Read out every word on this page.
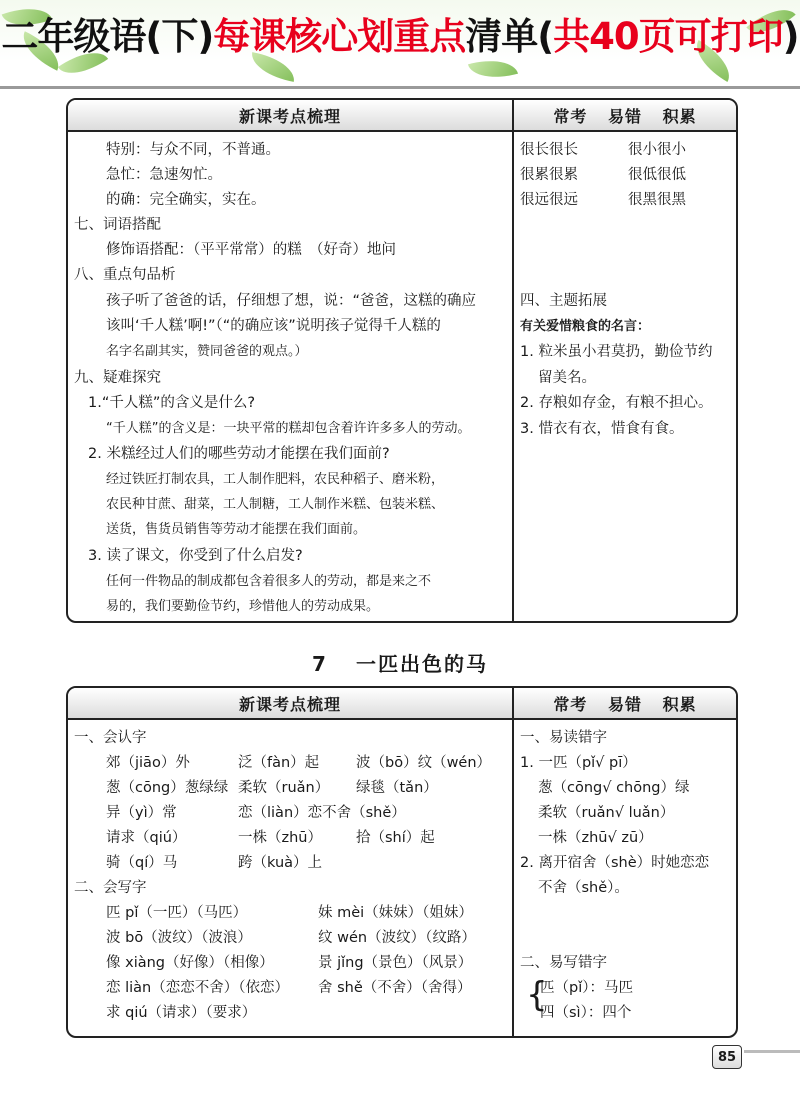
二年级语(下)每课核心划重点清单(共40页可打印)
新课考点梳理	常考 易错 积累
特别：与众不同，不普通。
急忙：急速匆忙。
的确：完全确实，实在。
七、词语搭配
修饰语搭配：（平平常常）的糕　（好奇）地问
八、重点句品析
孩子听了爸爸的话，仔细想了想，说：“爸爸，这糕的确应
该叫‘千人糕’啊!”（“的确应该”说明孩子觉得千人糕的
名字名副其实，赞同爸爸的观点。）
九、疑难探究
1.“千人糕”的含义是什么?
“千人糕”的含义是：一块平常的糕却包含着许许多多人的劳动。
2. 米糕经过人们的哪些劳动才能摆在我们面前?
经过铁匠打制农具，工人制作肥料，农民种稻子、磨米粉，
农民种甘蔗、甜菜，工人制糖，工人制作米糕、包装米糕、
送货，售货员销售等劳动才能摆在我们面前。
3. 读了课文，你受到了什么启发?
任何一件物品的制成都包含着很多人的劳动，都是来之不
易的，我们要勤俭节约，珍惜他人的劳动成果。
很长很长	很小很小
很累很累	很低很低
很远很远	很黑很黑
四、主题拓展
有关爱惜粮食的名言：
1. 粒米虽小君莫扔，勤俭节约
留美名。
2. 存粮如存金，有粮不担心。
3. 惜衣有衣，惜食有食。
7 一匹出色的马
新课考点梳理	常考 易错 积累
一、会认字
郊（jiāo）外	泛（fàn）起	波（bō）纹（wén）
葱（cōng）葱绿绿 柔软（ruǎn） 绿毯（tǎn）
异（yì）常	恋（liàn）恋不舍（shě）
请求（qiú）	一株（zhū） 拾（shí）起
骑（qí）马	跨（kuà）上
二、会写字
匹 pǐ（一匹）（马匹）	妹 mèi（妹妹）（姐妹）
波 bō（波纹）（波浪）	纹 wén（波纹）（纹路）
像 xiàng（好像）（相像）	景 jǐng（景色）（风景）
恋 liàn（恋恋不舍）（依恋） 舍 shě（不舍）（舍得）
求 qiú（请求）（要求）
一、易读错字
1. 一匹（pǐ√ pī）
葱（cōng√ chōng）绿
柔软（ruǎn√ luǎn）
一株（zhū√ zū）
2. 离开宿舍（shè）时她恋恋
不舍（shě）。
二、易写错字
{
匹（pǐ）：马匹
四（sì）：四个
85
